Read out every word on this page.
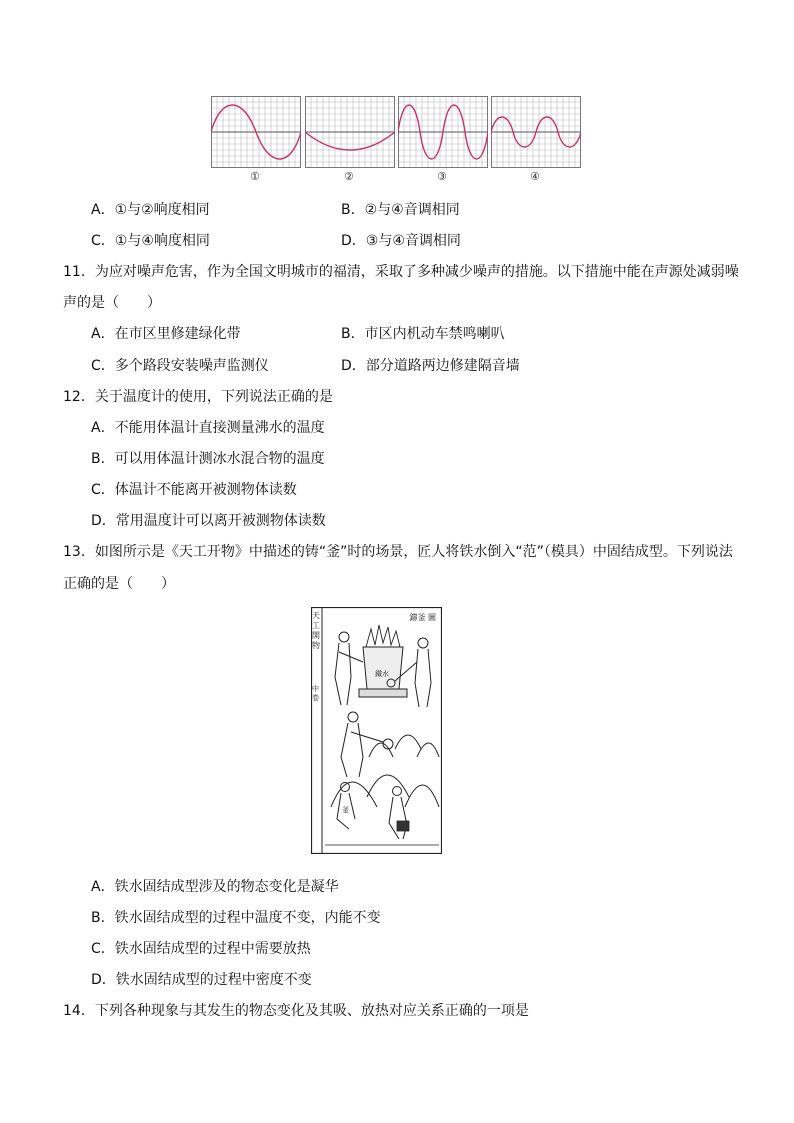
①	②	③	④
A．①与②响度相同	B．②与④音调相同
C．①与④响度相同	D．③与④音调相同
11．为应对噪声危害，作为全国文明城市的福清，采取了多种减少噪声的措施。以下措施中能在声源处减弱噪
声的是（　　）
A．在市区里修建绿化带	B．市区内机动车禁鸣喇叭
C．多个路段安装噪声监测仪	D．部分道路两边修建隔音墙
12．关于温度计的使用，下列说法正确的是
A．不能用体温计直接测量沸水的温度
B．可以用体温计测冰水混合物的温度
C．体温计不能离开被测物体读数
D．常用温度计可以离开被测物体读数
13．如图所示是《天工开物》中描述的铸“釜”时的场景，匠人将铁水倒入“范”（模具）中固结成型。下列说法
正确的是（　　）
天工開物
中卷
鑄釜 圖
鐵水
釜
A．铁水固结成型涉及的物态变化是凝华
B．铁水固结成型的过程中温度不变，内能不变
C．铁水固结成型的过程中需要放热
D．铁水固结成型的过程中密度不变
14．下列各种现象与其发生的物态变化及其吸、放热对应关系正确的一项是
